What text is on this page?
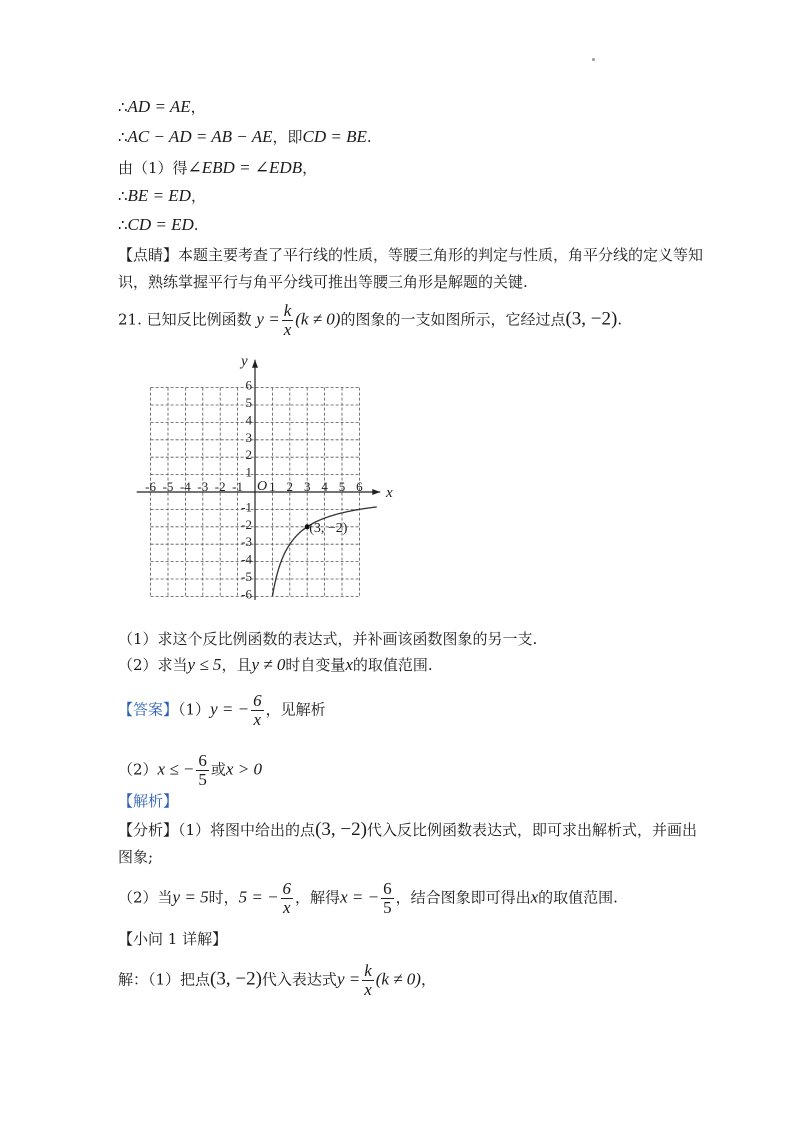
∴AD = AE，
∴AC − AD = AB − AE，即CD = BE.
由（1）得∠EBD = ∠EDB，
∴BE = ED，
∴CD = ED.
【点睛】本题主要考查了平行线的性质，等腰三角形的判定与性质，角平分线的定义等知
识，熟练掌握平行与角平分线可推出等腰三角形是解题的关键.
21. 已知反比例函数 $y = \frac{k}{x} (k \ne 0)$的图象的一支如图所示，它经过点(3, −2).
x
y
O
-6 -5 -4 -3 -2 -1 1 2 3 4 5 6
6
5
4
3
2
1
-1
-2
-3
-4
-5
-6
(3, −2)
（1）求这个反比例函数的表达式，并补画该函数图象的另一支.
（2）求当y ≤ 5，且y ≠ 0时自变量x的取值范围.
【答案】（1）y = − $\frac{6}{x}$ ，见解析
（2）x ≤ − $\frac{6}{5}$ 或x > 0
【解析】
【分析】（1）将图中给出的点(3, −2)代入反比例函数表达式，即可求出解析式，并画出
图象;
（2）当y = 5时，5 = − $\frac{6}{x}$ ，解得x = − $\frac{6}{5}$ ，结合图象即可得出x的取值范围.
【小问 1 详解】
解：（1）把点(3, −2)代入表达式$y = \frac{k}{x} (k \ne 0)$，
